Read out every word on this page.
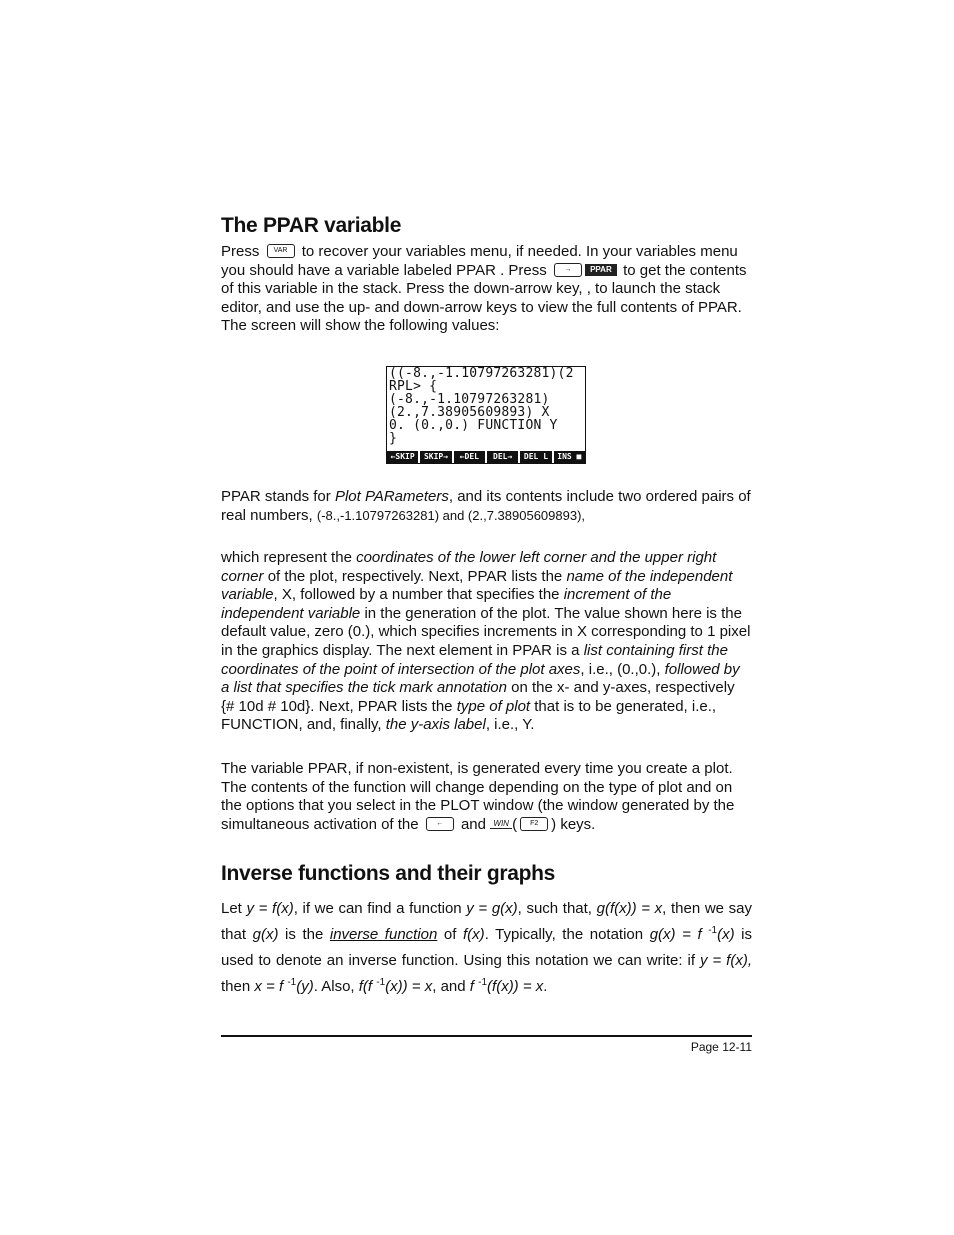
The PPAR variable

Press VAR to recover your variables menu, if needed. In your variables menu you should have a variable labeled PPAR . Press	→ PPAR to get the contents of this variable in the stack. Press the down-arrow key, , to launch the stack editor, and use the up- and down-arrow keys to view the full contents of PPAR. The screen will show the following values:

((-8.,-1.10797263281)(2
RPL> {
(-8.,-1.10797263281)
(2.,7.38905609893) X
0. (0.,0.) FUNCTION Y
}
←SKIP	SKIP→	←DEL	DEL→	DEL L	INS ■

PPAR stands for Plot PARameters, and its contents include two ordered pairs of real numbers, (-8.,-1.10797263281) and (2.,7.38905609893),

which represent the coordinates of the lower left corner and the upper right corner of the plot, respectively. Next, PPAR lists the name of the independent variable, X, followed by a number that specifies the increment of the independent variable in the generation of the plot. The value shown here is the default value, zero (0.), which specifies increments in X corresponding to 1 pixel in the graphics display. The next element in PPAR is a list containing first the coordinates of the point of intersection of the plot axes, i.e., (0.,0.), followed by a list that specifies the tick mark annotation on the x- and y-axes, respectively {# 10d # 10d}. Next, PPAR lists the type of plot that is to be generated, i.e., FUNCTION, and, finally, the y-axis label, i.e., Y.

The variable PPAR, if non-existent, is generated every time you create a plot. The contents of the function will change depending on the type of plot and on the options that you select in the PLOT window (the window generated by the simultaneous activation of the	← and WIN ( F2 ) keys.

Inverse functions and their graphs

Let y = f(x), if we can find a function y = g(x), such that, g(f(x)) = x, then we say that g(x) is the inverse function of f(x). Typically, the notation g(x) = f $^{-1}$(x) is used to denote an inverse function. Using this notation we can write: if y = f(x), then x = f $^{-1}$(y). Also, f(f $^{-1}$(x)) = x, and f $^{-1}$(f(x)) = x.

Page 12-11
